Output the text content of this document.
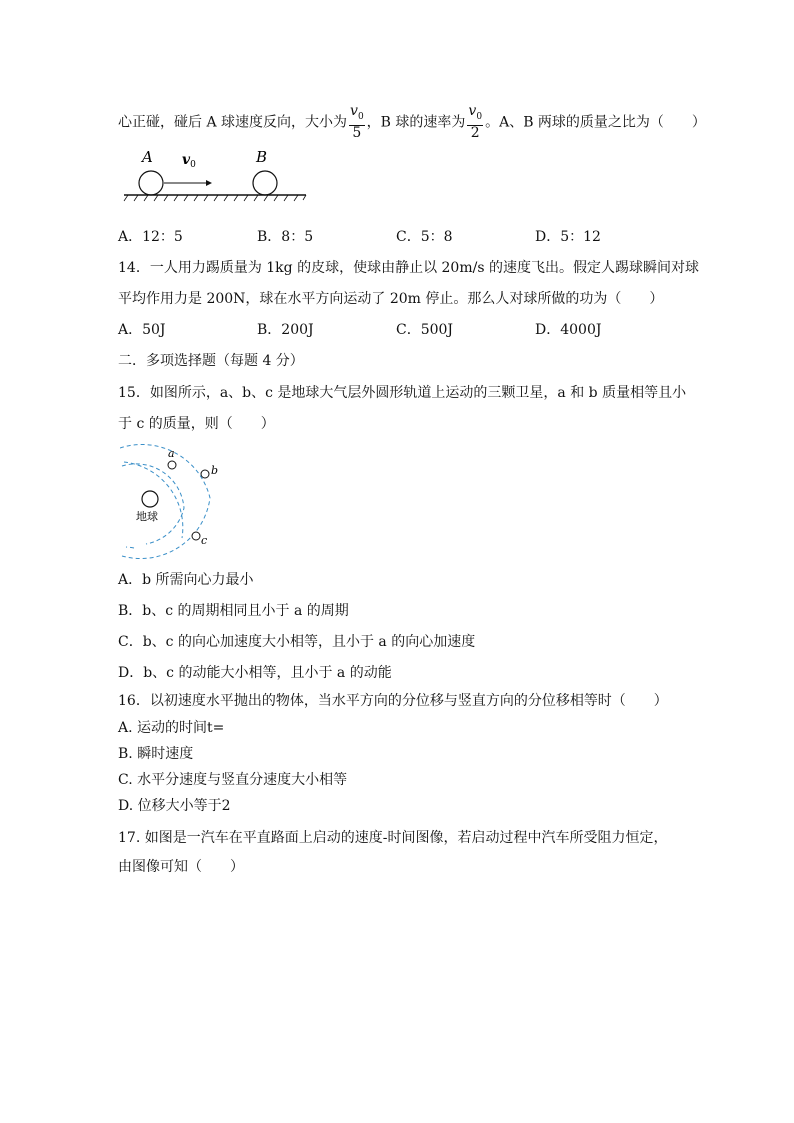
心正碰，碰后 A 球速度反向，大小为 $\frac{v_0}{5}$ ，B 球的速率为 $\frac{v_0}{2}$ 。A、B 两球的质量之比为（　　）
A	B
$v_0$
A．12：5	B．8：5	C．5：8	D．5：12
14．一人用力踢质量为 1kg 的皮球，使球由静止以 20m/s 的速度飞出。假定人踢球瞬间对球
平均作用力是 200N，球在水平方向运动了 20m 停止。那么人对球所做的功为（　　）
A．50J	B．200J	C．500J	D．4000J
二．多项选择题（每题 4 分）
15．如图所示，a、b、c 是地球大气层外圆形轨道上运动的三颗卫星，a 和 b 质量相等且小
于 c 的质量，则（　　）
地球
a
b
c
A．b 所需向心力最小
B．b、c 的周期相同且小于 a 的周期
C．b、c 的向心加速度大小相等，且小于 a 的向心加速度
D．b、c 的动能大小相等，且小于 a 的动能
16．以初速度水平抛出的物体，当水平方向的分位移与竖直方向的分位移相等时（　　）
A. 运动的时间t=
B. 瞬时速度
C. 水平分速度与竖直分速度大小相等
D. 位移大小等于2
17. 如图是一汽车在平直路面上启动的速度-时间图像，若启动过程中汽车所受阻力恒定，
由图像可知（　　）
